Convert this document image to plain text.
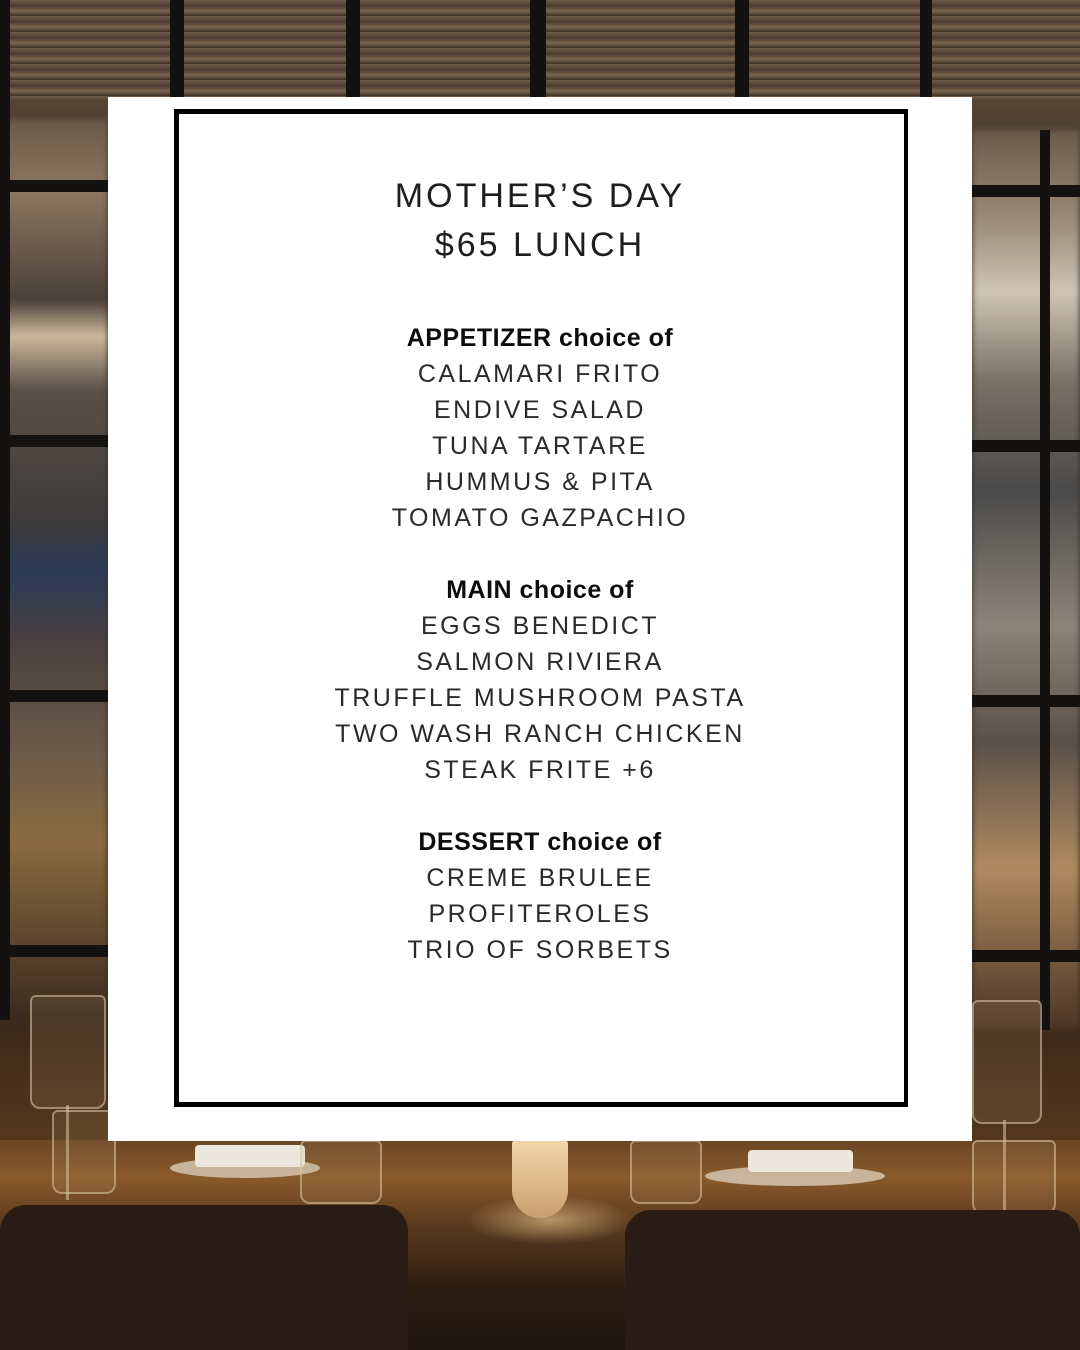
MOTHER’S DAY
$65 LUNCH
APPETIZER choice of
CALAMARI FRITO
ENDIVE SALAD
TUNA TARTARE
HUMMUS & PITA
TOMATO GAZPACHIO
MAIN choice of
EGGS BENEDICT
SALMON RIVIERA
TRUFFLE MUSHROOM PASTA
TWO WASH RANCH CHICKEN
STEAK FRITE +6
DESSERT choice of
CREME BRULEE
PROFITEROLES
TRIO OF SORBETS
